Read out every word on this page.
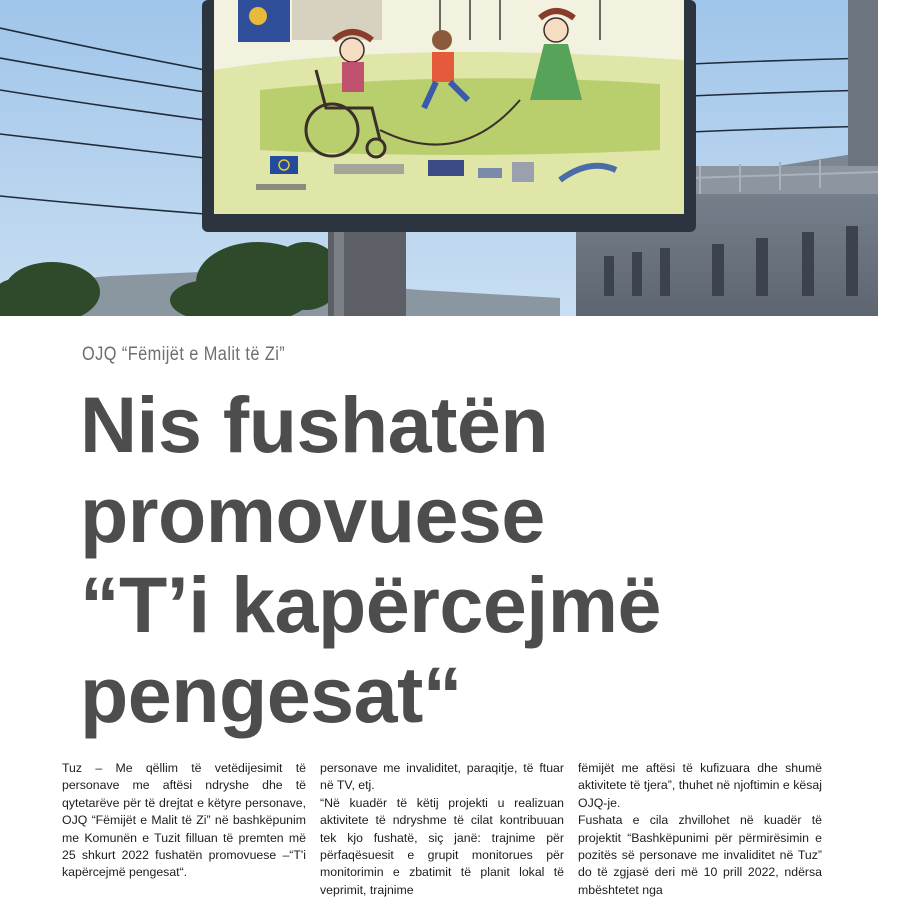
OJQ “Fëmijët e Malit të Zi”
Nis fushatën
promovuese
“T’i kapërcejmë
pengesat“

Tuz – Me qëllim të vetëdijesimit të personave me aftësi ndryshe dhe të qytetarëve për të drejtat e këtyre personave, OJQ “Fëmijët e Malit të Zi” në bashkëpunim me Komunën e Tuzit filluan të premten më 25 shkurt 2022 fushatën promovuese –“T'i kapërcejmë pengesat“.

personave me invaliditet, paraqitje, të ftuar në TV, etj.

“Në kuadër të këtij projekti u realizuan aktivitete të ndryshme të cilat kontribuuan tek kjo fushatë, siç janë: trajnime për përfaqësuesit e grupit monitorues për monitorimin e zbatimit të planit lokal të veprimit, trajnime

fëmijët me aftësi të kufizuara dhe shumë aktivitete të tjera”, thuhet në njoftimin e kësaj OJQ-je.

Fushata e cila zhvillohet në kuadër të projektit “Bashkëpunimi për përmirësimin e pozitës së personave me invaliditet në Tuz” do të zgjasë deri më 10 prill 2022, ndërsa mbështetet nga
